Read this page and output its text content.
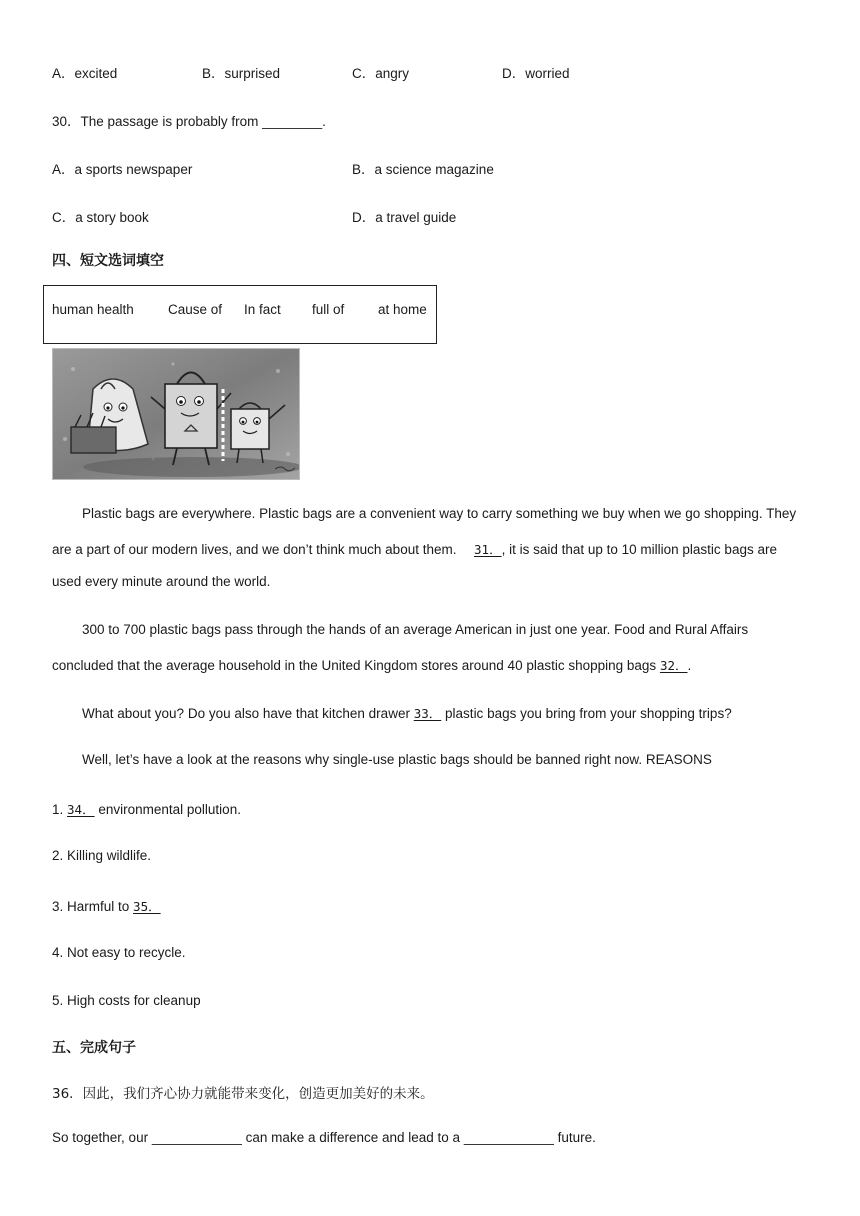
A．excited	B．surprised	C．angry	D．worried
30．The passage is probably from ________.
A．a sports newspaper	B．a science magazine
C．a story book	D．a travel guide
四、短文选词填空
human health	Cause of In fact full of at home
Plastic bags are everywhere. Plastic bags are a convenient way to carry something we buy when we go shopping. They
are a part of our modern lives, and we don’t think much about them. 31．, it is said that up to 10 million plastic bags are
used every minute around the world.
300 to 700 plastic bags pass through the hands of an average American in just one year. Food and Rural Affairs
concluded that the average household in the United Kingdom stores around 40 plastic shopping bags 32．.
What about you? Do you also have that kitchen drawer 33． plastic bags you bring from your shopping trips?
Well, let’s have a look at the reasons why single-use plastic bags should be banned right now. REASONS
1. 34． environmental pollution.
2. Killing wildlife.
3. Harmful to 35．
4. Not easy to recycle.
5. High costs for cleanup
五、完成句子
36．因此，我们齐心协力就能带来变化，创造更加美好的未来。
So together, our ____________ can make a difference and lead to a ____________ future.
